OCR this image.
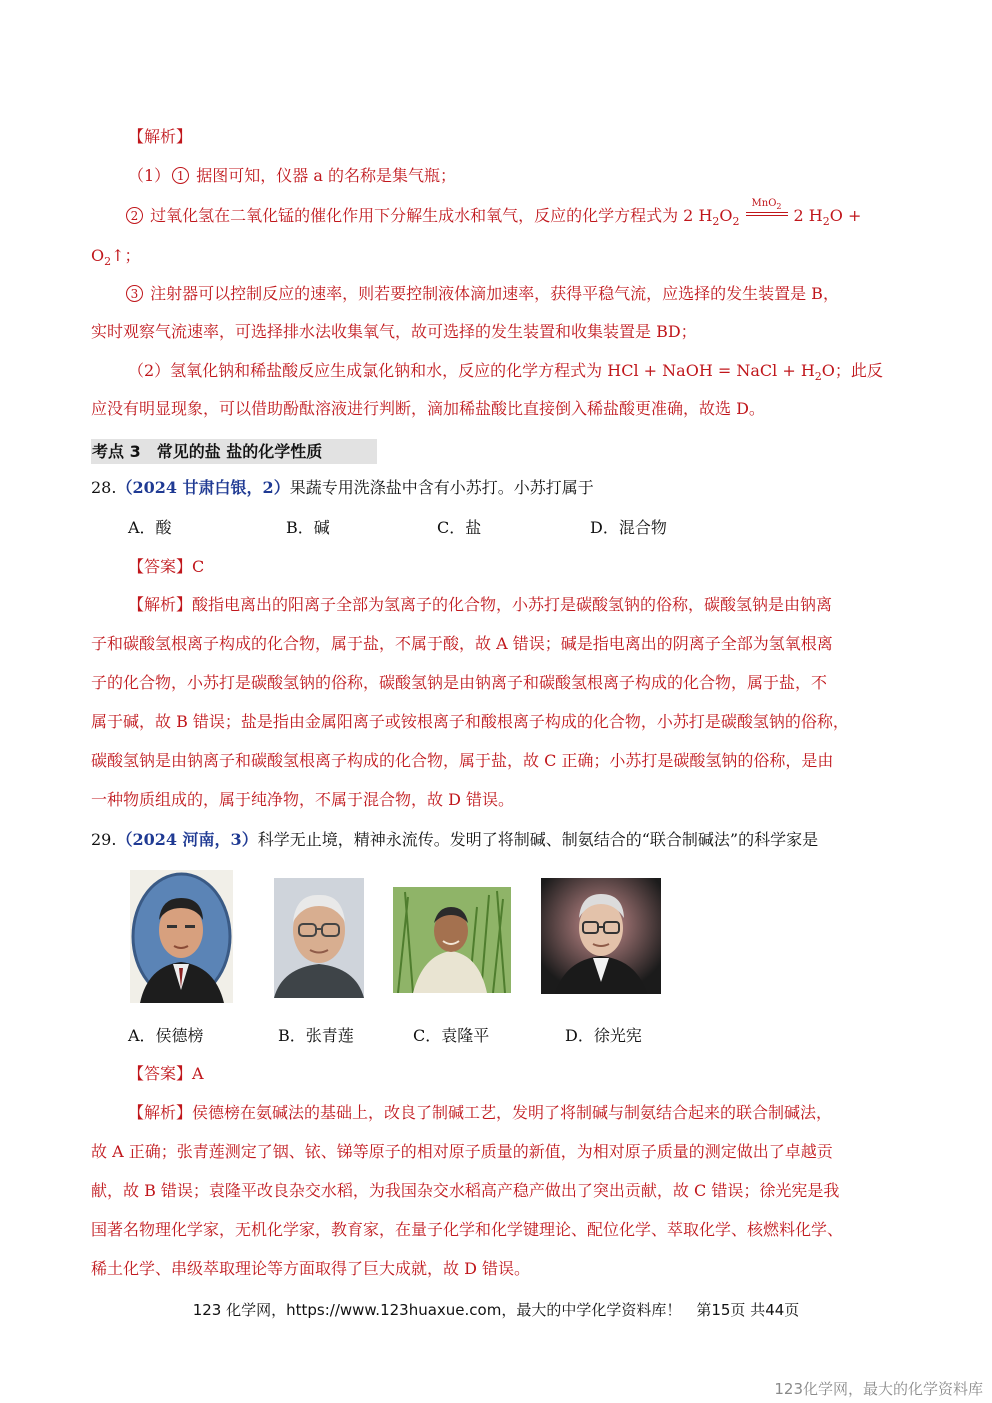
【解析】
（1） 1 据图可知，仪器 a 的名称是集气瓶；
2 过氧化氢在二氧化锰的催化作用下分解生成水和氧气，反应的化学方程式为 2 $H_2O_2$
MnO$_2$ 2 $H_2O$ +
$O_2↑$；
3 注射器可以控制反应的速率，则若要控制液体滴加速率，获得平稳气流，应选择的发生装置是 B，
实时观察气流速率，可选择排水法收集氧气，故可选择的发生装置和收集装置是 BD；
（2）氢氧化钠和稀盐酸反应生成氯化钠和水，反应的化学方程式为 HCl + NaOH = NaCl + $H_2O$；此反
应没有明显现象，可以借助酚酞溶液进行判断，滴加稀盐酸比直接倒入稀盐酸更准确，故选 D。
考点 3　常见的盐 盐的化学性质
28.（2024 甘肃白银，2）果蔬专用洗涤盐中含有小苏打。小苏打属于
A．酸	B．碱	C．盐	D．混合物
【答案】C
【解析】酸指电离出的阳离子全部为氢离子的化合物，小苏打是碳酸氢钠的俗称，碳酸氢钠是由钠离
子和碳酸氢根离子构成的化合物，属于盐，不属于酸，故 A 错误；碱是指电离出的阴离子全部为氢氧根离
子的化合物，小苏打是碳酸氢钠的俗称，碳酸氢钠是由钠离子和碳酸氢根离子构成的化合物，属于盐，不
属于碱，故 B 错误；盐是指由金属阳离子或铵根离子和酸根离子构成的化合物，小苏打是碳酸氢钠的俗称，
碳酸氢钠是由钠离子和碳酸氢根离子构成的化合物，属于盐，故 C 正确；小苏打是碳酸氢钠的俗称，是由
一种物质组成的，属于纯净物，不属于混合物，故 D 错误。
29.（2024 河南，3）科学无止境，精神永流传。发明了将制碱、制氨结合的“联合制碱法”的科学家是
A．侯德榜	B．张青莲	C．袁隆平	D．徐光宪
【答案】A
【解析】侯德榜在氨碱法的基础上，改良了制碱工艺，发明了将制碱与制氨结合起来的联合制碱法，
故 A 正确；张青莲测定了铟、铱、锑等原子的相对原子质量的新值，为相对原子质量的测定做出了卓越贡
献，故 B 错误；袁隆平改良杂交水稻，为我国杂交水稻高产稳产做出了突出贡献，故 C 错误；徐光宪是我
国著名物理化学家，无机化学家，教育家，在量子化学和化学键理论、配位化学、萃取化学、核燃料化学、
稀土化学、串级萃取理论等方面取得了巨大成就，故 D 错误。
123 化学网，https://www.123huaxue.com，最大的中学化学资料库！　第15页 共44页
123化学网，最大的化学资料库
